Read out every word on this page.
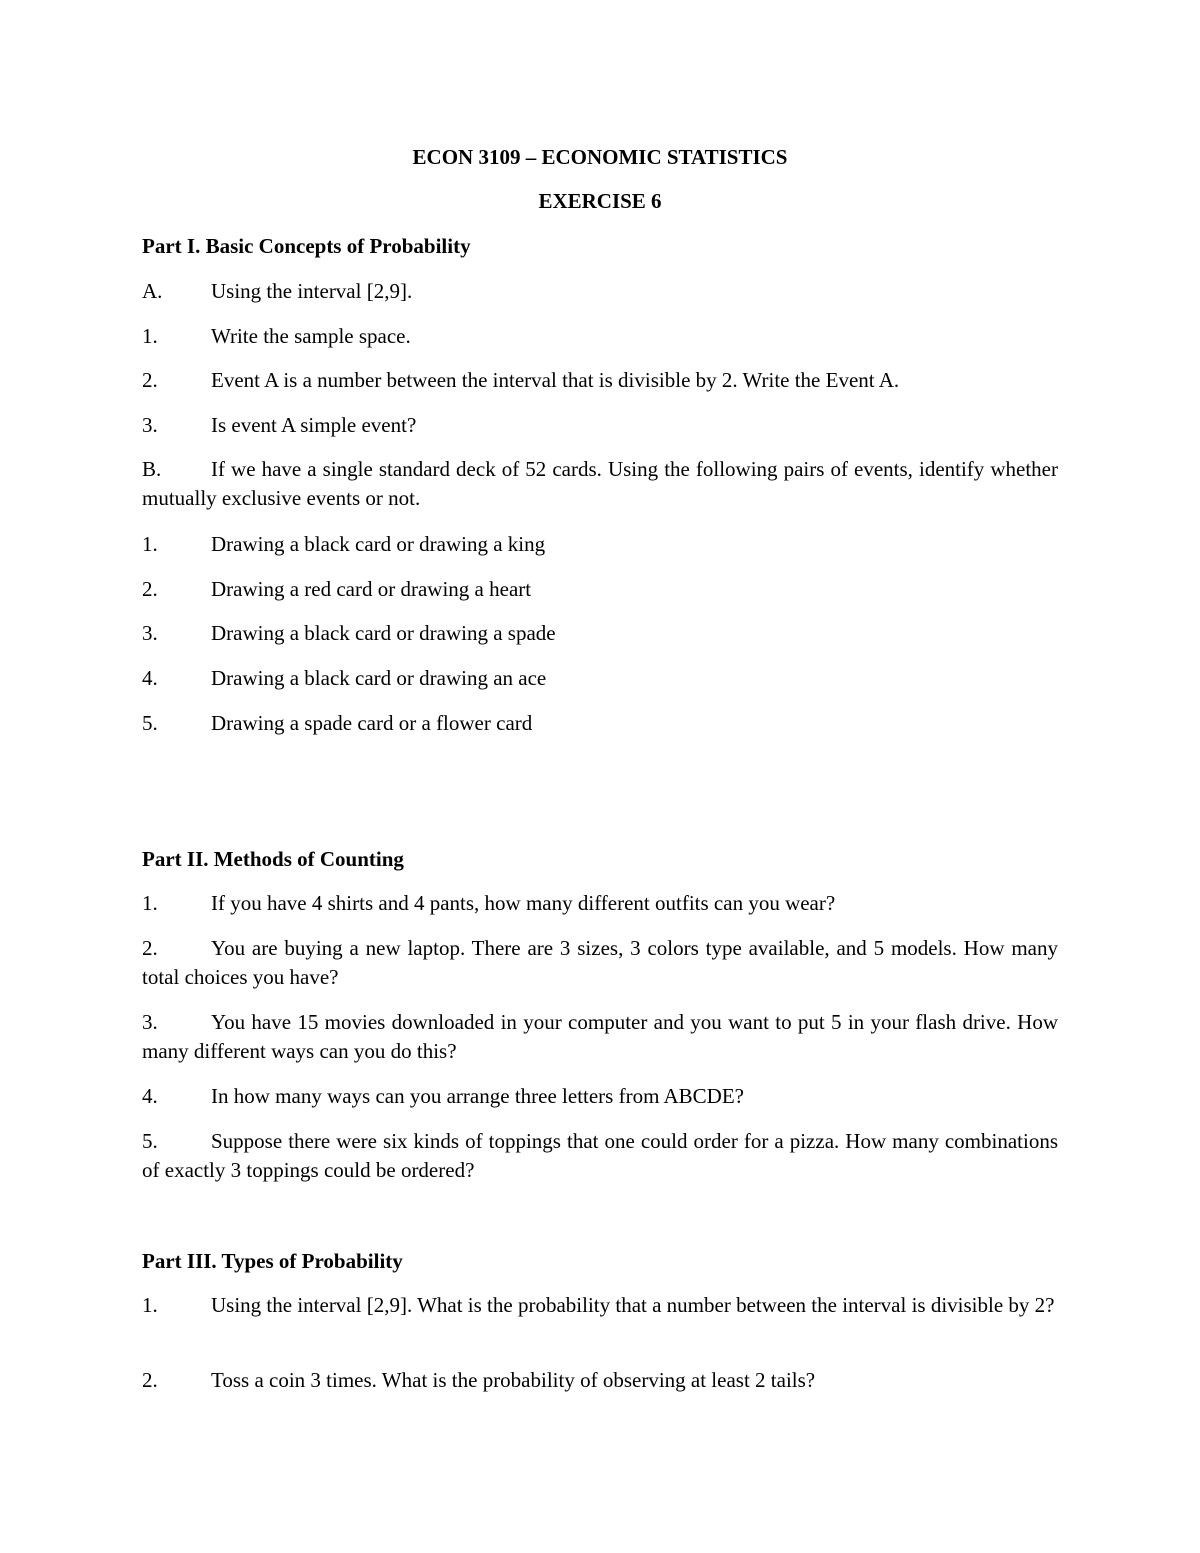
ECON 3109 – ECONOMIC STATISTICS
EXERCISE 6
Part I. Basic Concepts of Probability
A.	Using the interval [2,9].
1.	Write the sample space.
2.	Event A is a number between the interval that is divisible by 2. Write the Event A.
3.	Is event A simple event?
B.	If we have a single standard deck of 52 cards. Using the following pairs of events, identify whether mutually exclusive events or not.
1.	Drawing a black card or drawing a king
2.	Drawing a red card or drawing a heart
3.	Drawing a black card or drawing a spade
4.	Drawing a black card or drawing an ace
5.	Drawing a spade card or a flower card
Part II. Methods of Counting
1.	If you have 4 shirts and 4 pants, how many different outfits can you wear?
2.	You are buying a new laptop. There are 3 sizes, 3 colors type available, and 5 models. How many total choices you have?
3.	You have 15 movies downloaded in your computer and you want to put 5 in your flash drive. How many different ways can you do this?
4.	In how many ways can you arrange three letters from ABCDE?
5.	Suppose there were six kinds of toppings that one could order for a pizza. How many combinations of exactly 3 toppings could be ordered?
Part III. Types of Probability
1.	Using the interval [2,9]. What is the probability that a number between the interval is divisible by 2?
2.	Toss a coin 3 times. What is the probability of observing at least 2 tails?
